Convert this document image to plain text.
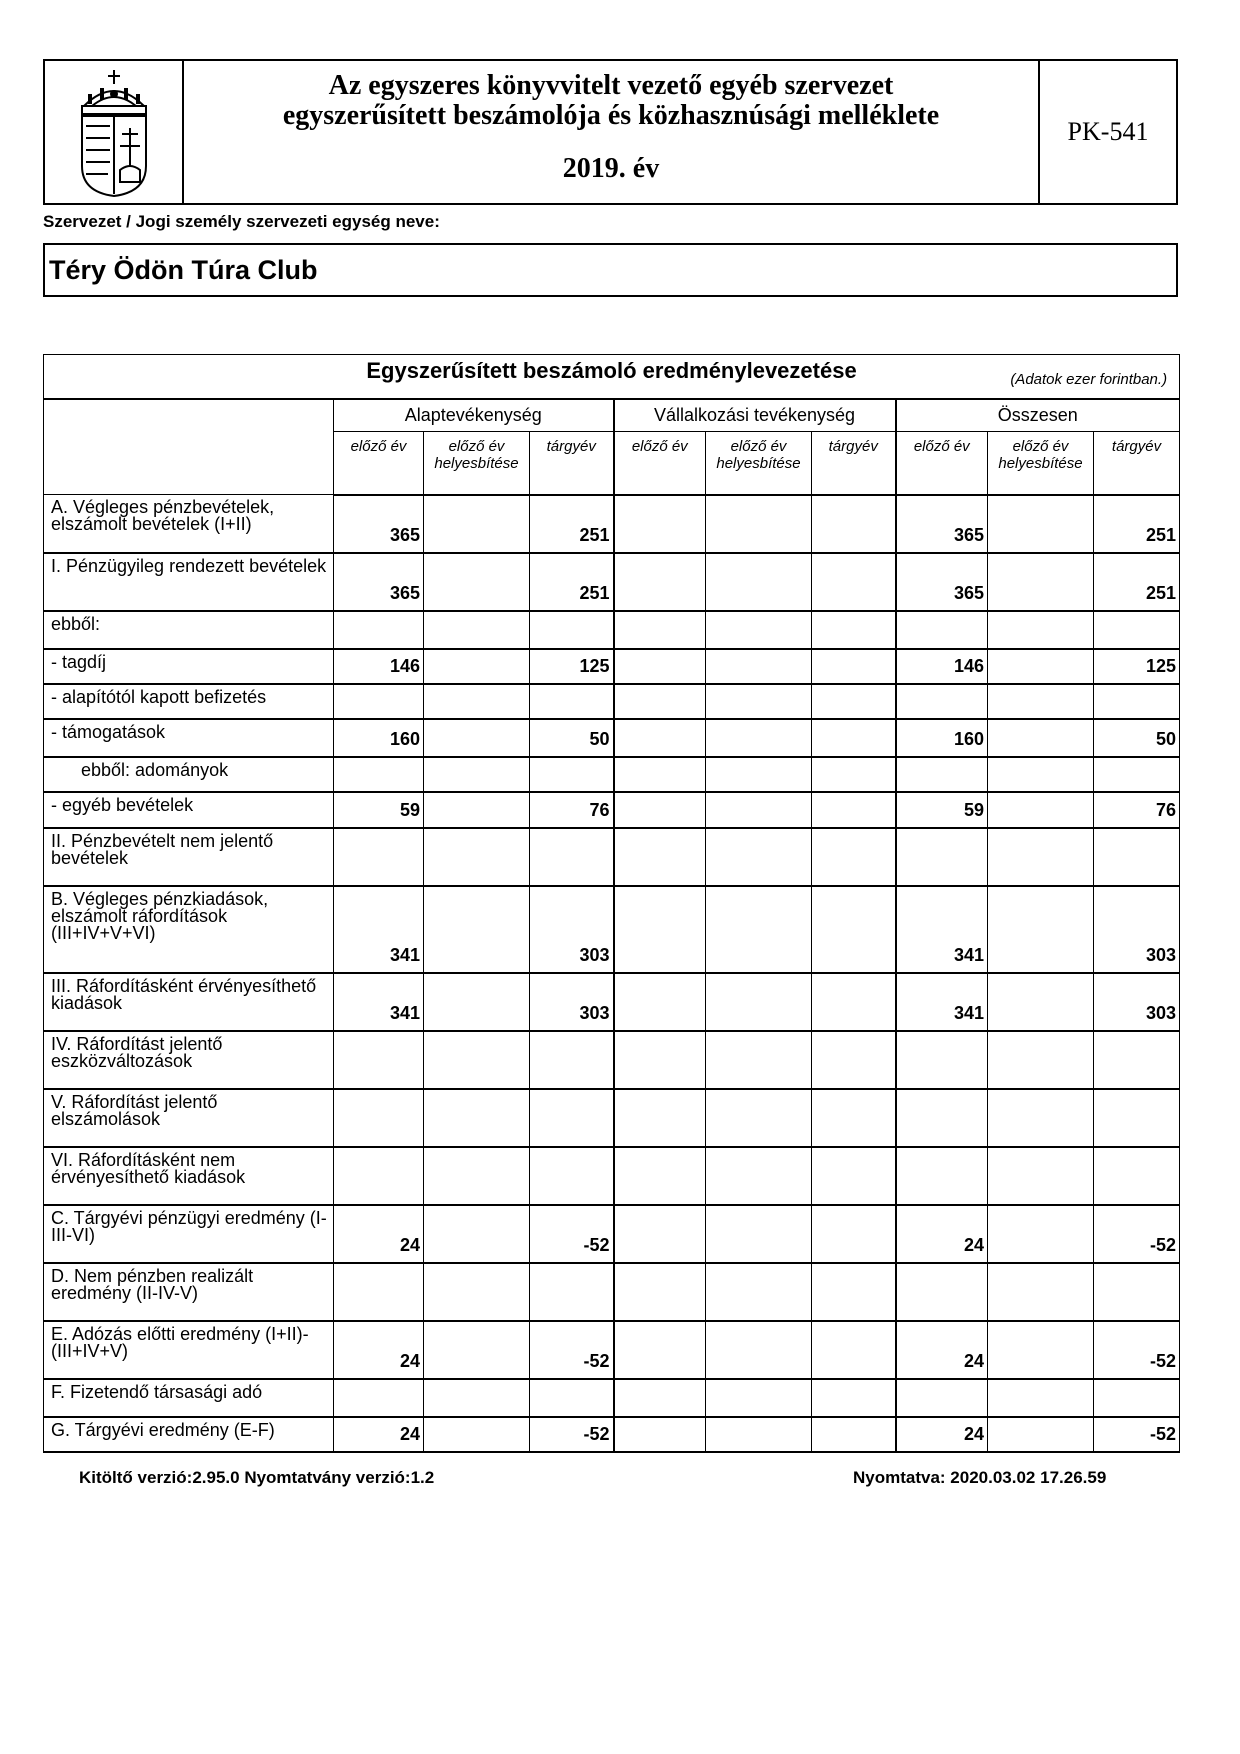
Az egyszeres könyvvitelt vezető egyéb szervezet
egyszerűsített beszámolója és közhasznúsági melléklete
2019. év
PK-541
Szervezet / Jogi személy szervezeti egység neve:
Téry Ödön Túra Club
Egyszerűsített beszámoló eredménylevezetése (Adatok ezer forintban.)									

	Alaptevékenység			Vállalkozási tevékenység			Összesen		
	előző év	előző év helyesbítése	tárgyév	előző év	előző év helyesbítése	tárgyév	előző év	előző év helyesbítése	tárgyév
A. Végleges pénzbevételek, elszámolt bevételek (I+II)	365		251				365		251
I. Pénzügyileg rendezett bevételek	365		251				365		251
ebből:									
- tagdíj	146		125				146		125
- alapítótól kapott befizetés									
- támogatások	160		50				160		50
ebből: adományok									
- egyéb bevételek	59		76				59		76
II. Pénzbevételt nem jelentő bevételek									
B. Végleges pénzkiadások, elszámolt ráfordítások (III+IV+V+VI)	341		303				341		303
III. Ráfordításként érvényesíthető kiadások	341		303				341		303
IV. Ráfordítást jelentő eszközváltozások									
V. Ráfordítást jelentő elszámolások									
VI. Ráfordításként nem érvényesíthető kiadások									
C. Tárgyévi pénzügyi eredmény (I-III-VI)	24		-52				24		-52
D. Nem pénzben realizált eredmény (II-IV-V)									
E. Adózás előtti eredmény (I+II)-(III+IV+V)	24		-52				24		-52
F. Fizetendő társasági adó									
G. Tárgyévi eredmény (E-F)	24		-52				24		-52
Kitöltő verzió:2.95.0 Nyomtatvány verzió:1.2	Nyomtatva: 2020.03.02 17.26.59
